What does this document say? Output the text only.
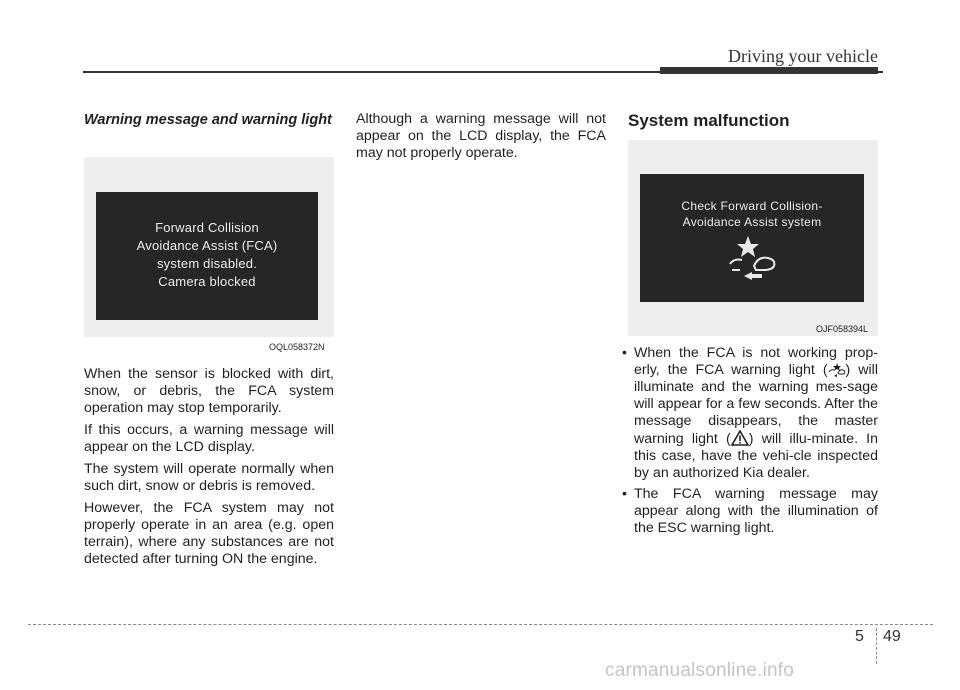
Driving your vehicle
Warning message and warning light
Forward Collision
Avoidance Assist (FCA)
system disabled.
Camera blocked
OQL058372N

When the sensor is blocked with dirt, snow, or debris, the FCA system operation may stop temporarily.

If this occurs, a warning message will appear on the LCD display.

The system will operate normally when such dirt, snow or debris is removed.

However, the FCA system may not properly operate in an area (e.g. open terrain), where any substances are not detected after turning ON the engine.

Although a warning message will not appear on the LCD display, the FCA may not properly operate.

System malfunction
Check Forward Collision-
Avoidance Assist system
OJF058394L
• When the FCA is not working prop-erly, the FCA warning light ( ) will illuminate and the warning mes-sage will appear for a few seconds. After the message disappears, the master warning light ( ) will illu-minate. In this case, have the vehi-cle inspected by an authorized Kia dealer.
• The FCA warning message may appear along with the illumination of the ESC warning light.
5 49
carmanualsonline.info
